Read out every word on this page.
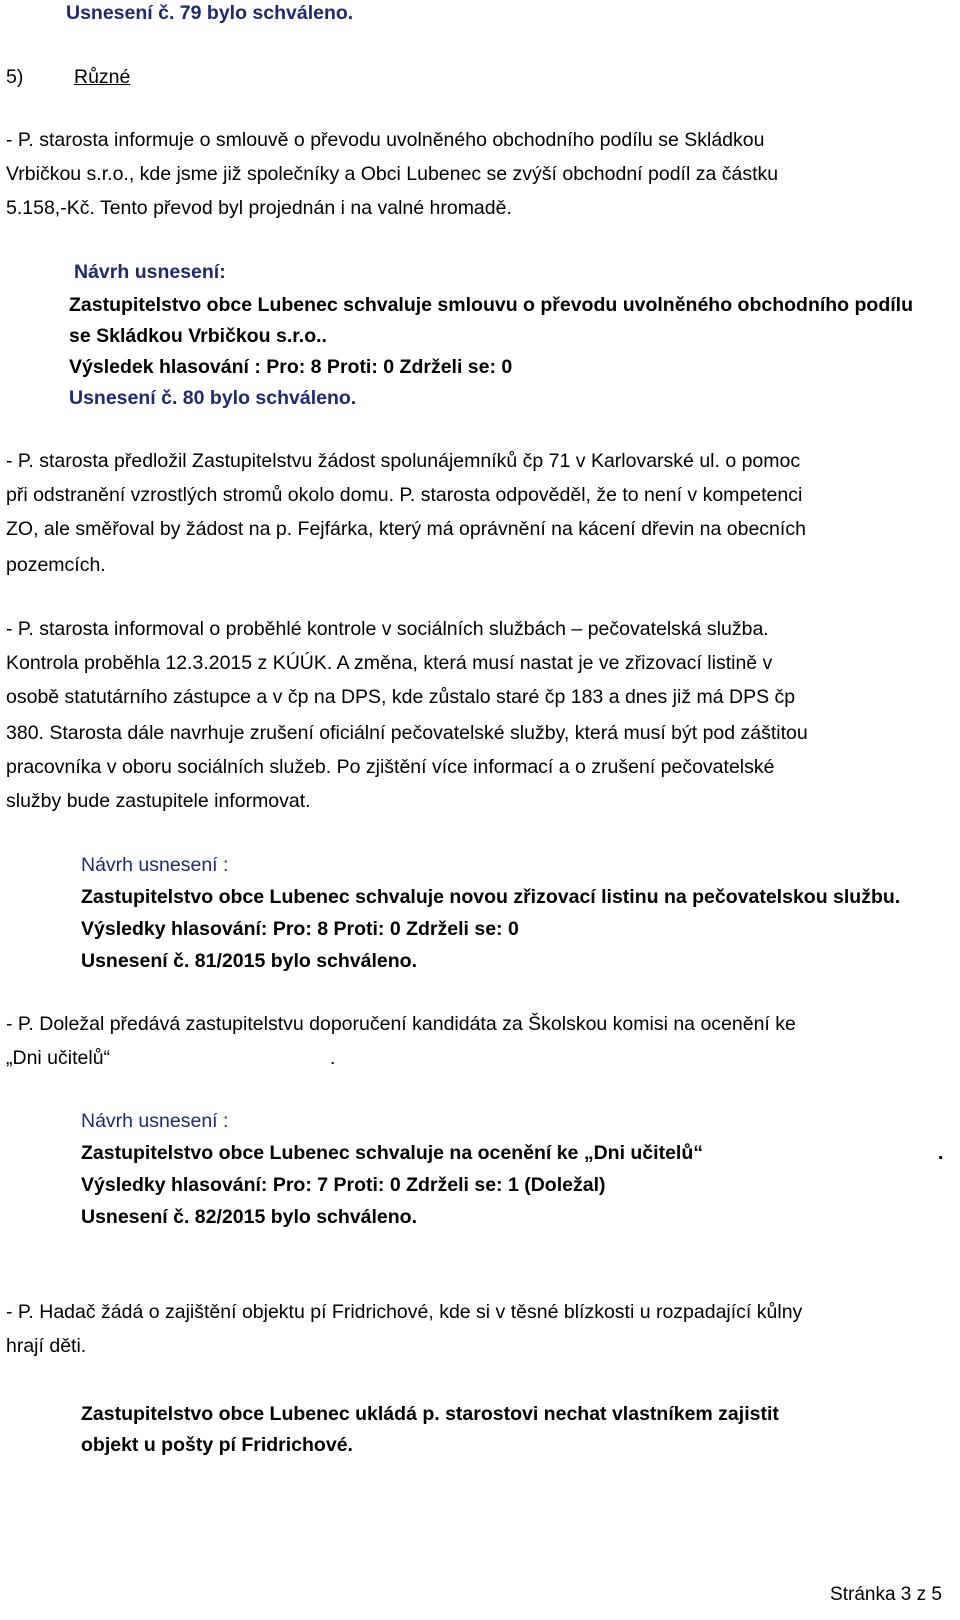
Usnesení č. 79 bylo schváleno.
5)	Různé
- P. starosta informuje o smlouvě o převodu uvolněného obchodního podílu se Skládkou
Vrbičkou s.r.o., kde jsme již společníky a Obci Lubenec se zvýší obchodní podíl za částku
5.158,-Kč. Tento převod byl projednán i na valné hromadě.
Návrh usnesení:
Zastupitelstvo obce Lubenec schvaluje smlouvu o převodu uvolněného obchodního podílu
se Skládkou Vrbičkou s.r.o..
Výsledek hlasování : Pro: 8 Proti: 0 Zdrželi se: 0
Usnesení č. 80 bylo schváleno.
- P. starosta předložil Zastupitelstvu žádost spolunájemníků čp 71 v Karlovarské ul. o pomoc
při odstranění vzrostlých stromů okolo domu. P. starosta odpověděl, že to není v kompetenci
ZO, ale směřoval by žádost na p. Fejfárka, který má oprávnění na kácení dřevin na obecních
pozemcích.
- P. starosta informoval o proběhlé kontrole v sociálních službách – pečovatelská služba.
Kontrola proběhla 12.3.2015 z KÚÚK. A změna, která musí nastat je ve zřizovací listině v
osobě statutárního zástupce a v čp na DPS, kde zůstalo staré čp 183 a dnes již má DPS čp
380. Starosta dále navrhuje zrušení oficiální pečovatelské služby, která musí být pod záštitou
pracovníka v oboru sociálních služeb. Po zjištění více informací a o zrušení pečovatelské
služby bude zastupitele informovat.
Návrh usnesení :
Zastupitelstvo obce Lubenec schvaluje novou zřizovací listinu na pečovatelskou službu.
Výsledky hlasování: Pro: 8 Proti: 0 Zdrželi se: 0
Usnesení č. 81/2015 bylo schváleno.
- P. Doležal předává zastupitelstvu doporučení kandidáta za Školskou komisi na ocenění ke
„Dni učitelů“	.
Návrh usnesení :
Zastupitelstvo obce Lubenec schvaluje na ocenění ke „Dni učitelů“	.
Výsledky hlasování: Pro: 7 Proti: 0 Zdrželi se: 1 (Doležal)
Usnesení č. 82/2015 bylo schváleno.
- P. Hadač žádá o zajištění objektu pí Fridrichové, kde si v těsné blízkosti u rozpadající kůlny
hrají děti.
Zastupitelstvo obce Lubenec ukládá p. starostovi nechat vlastníkem zajistit
objekt u pošty pí Fridrichové.
Stránka 3 z 5
